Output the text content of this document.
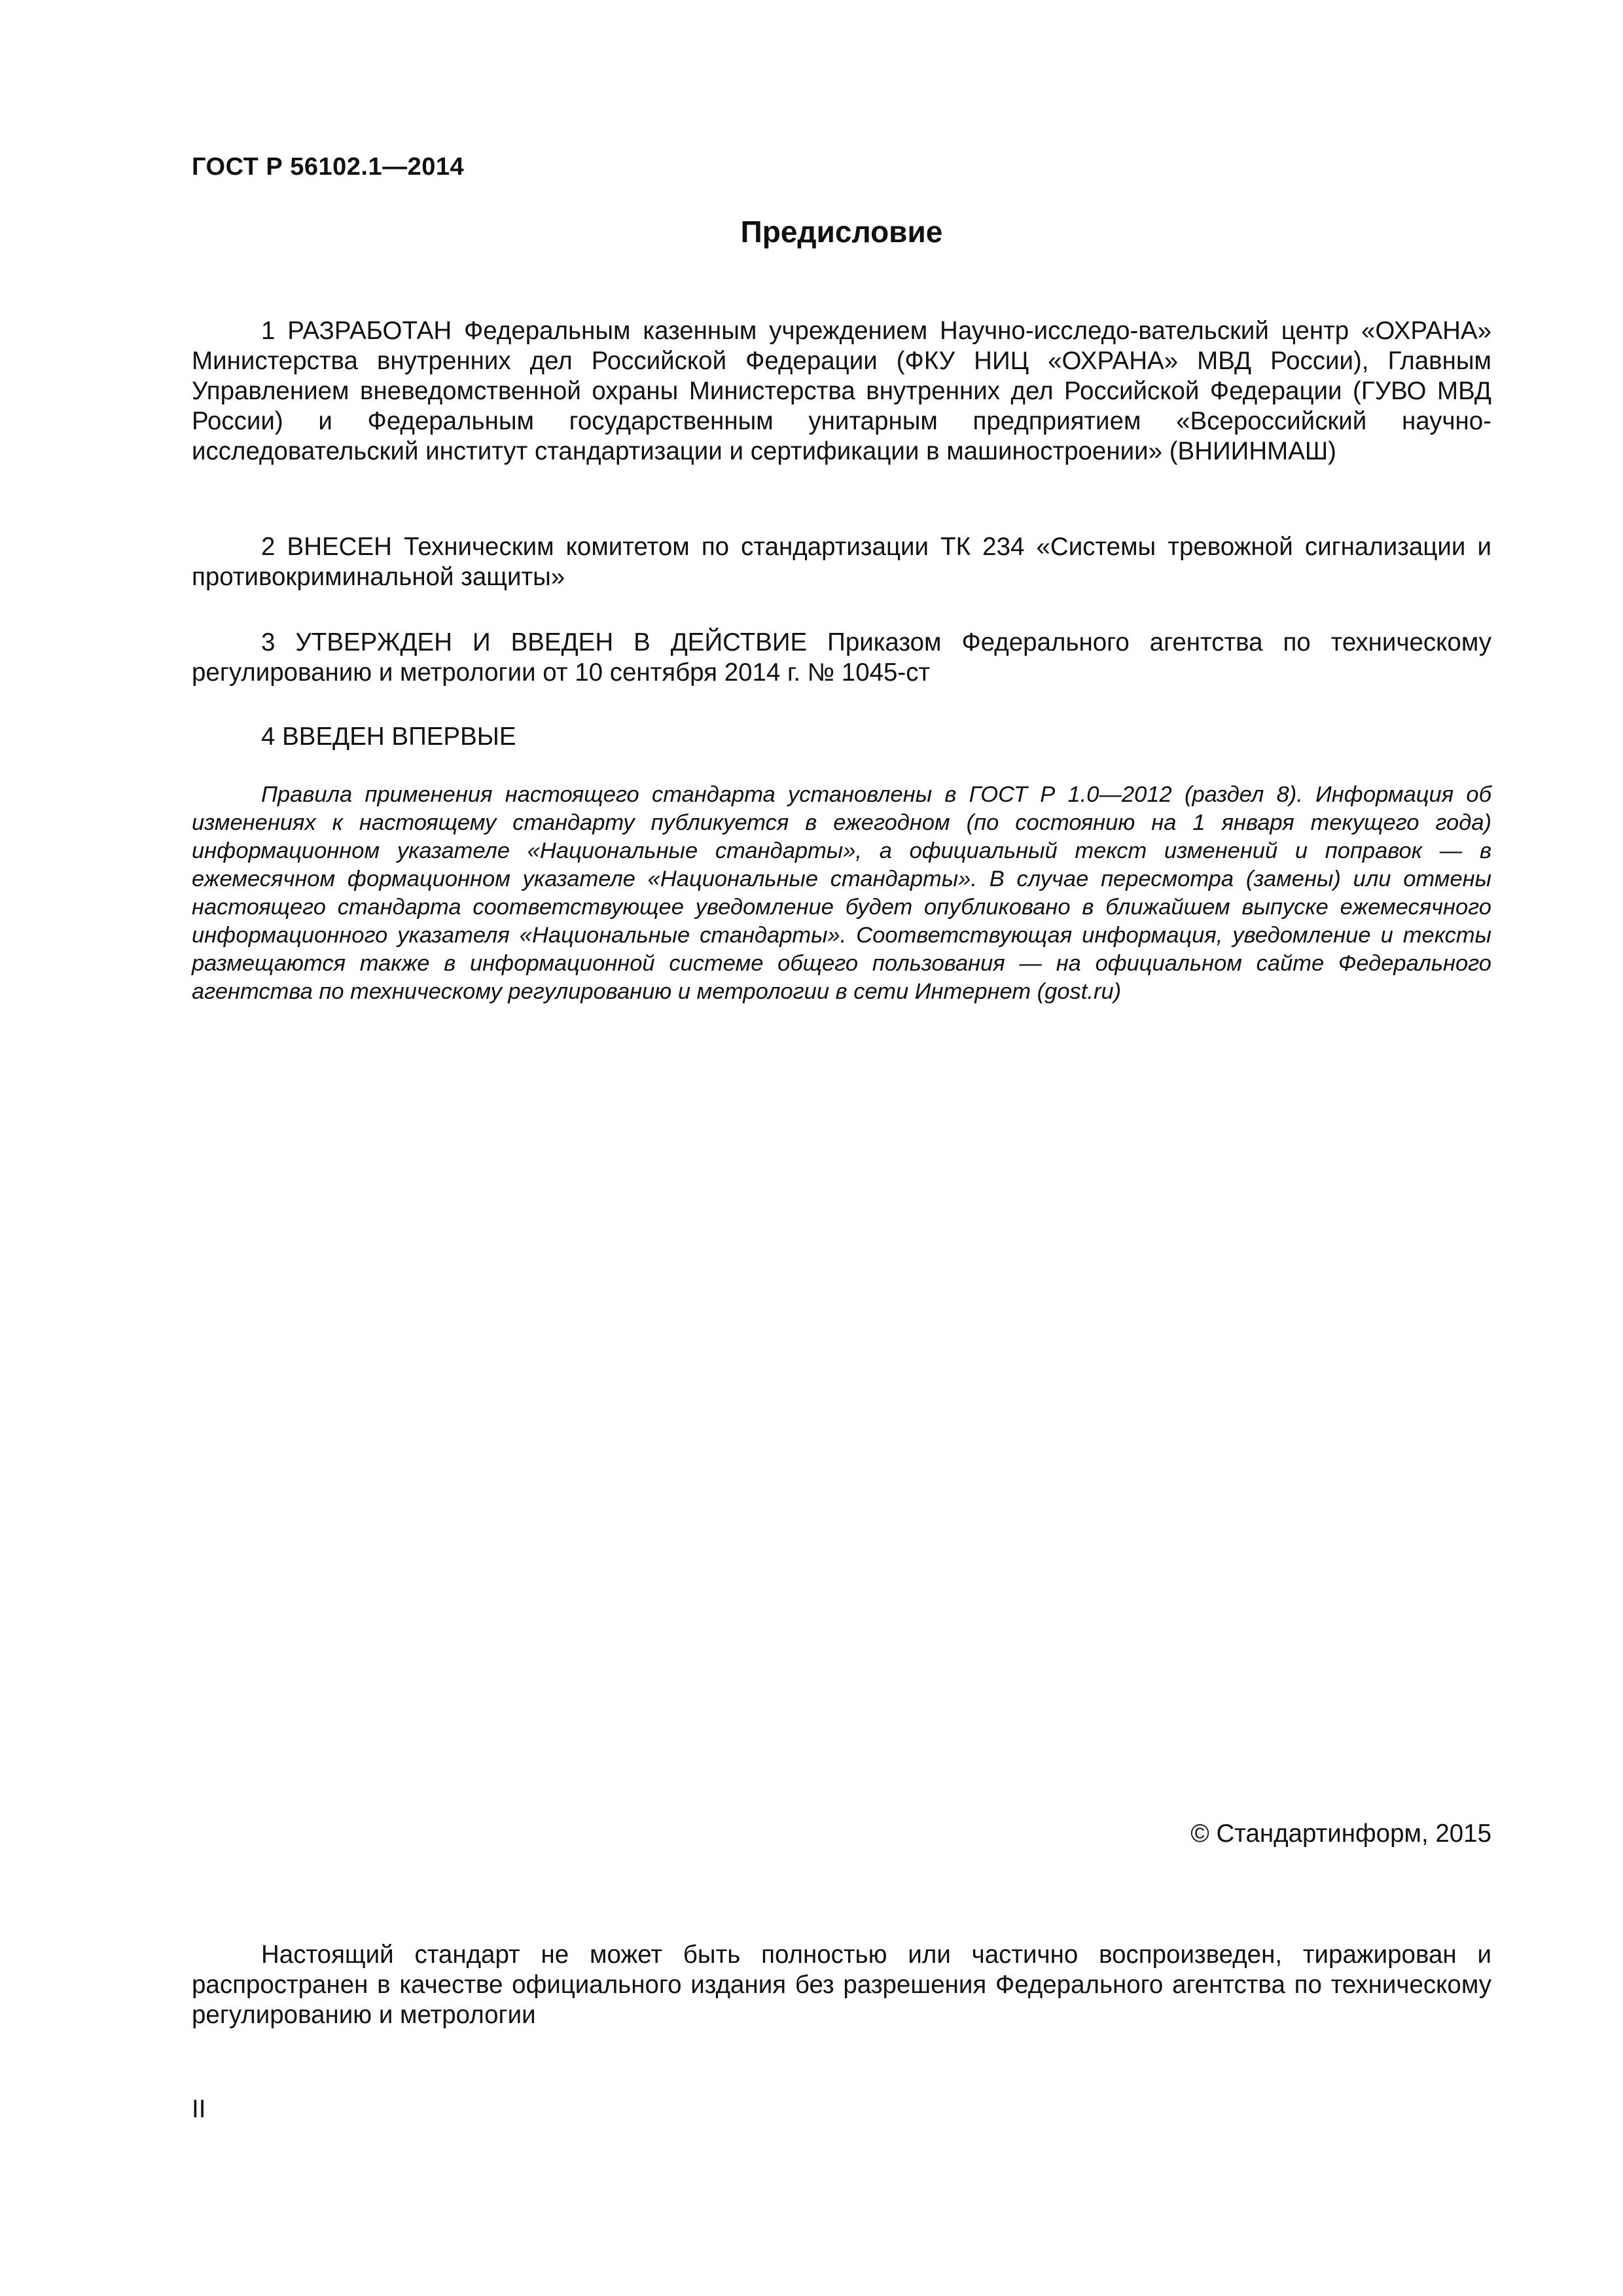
ГОСТ Р 56102.1—2014
Предисловие

1 РАЗРАБОТАН Федеральным казенным учреждением Научно-исследо-вательский центр «ОХРАНА» Министерства внутренних дел Российской Федерации (ФКУ НИЦ «ОХРАНА» МВД России), Главным Управлением вневедомственной охраны Министерства внутренних дел Российской Федерации (ГУВО МВД России) и Федеральным государственным унитарным предприятием «Всероссийский научно-исследовательский институт стандартизации и сертификации в машиностроении» (ВНИИНМАШ)

2 ВНЕСЕН Техническим комитетом по стандартизации ТК 234 «Системы тревожной сигнализации и противокриминальной защиты»

3 УТВЕРЖДЕН И ВВЕДЕН В ДЕЙСТВИЕ Приказом Федерального агентства по техническому регулированию и метрологии от 10 сентября 2014 г. № 1045-ст

4 ВВЕДЕН ВПЕРВЫЕ

Правила применения настоящего стандарта установлены в ГОСТ Р 1.0—2012 (раздел 8). Информация об изменениях к настоящему стандарту публикуется в ежегодном (по состоянию на 1 января текущего года) информационном указателе «Национальные стандарты», а официальный текст изменений и поправок — в ежемесячном формационном указателе «Национальные стандарты». В случае пересмотра (замены) или отмены настоящего стандарта соответствующее уведомление будет опубликовано в ближайшем выпуске ежемесячного информационного указателя «Национальные стандарты». Соответствующая информация, уведомление и тексты размещаются также в информационной системе общего пользования — на официальном сайте Федерального агентства по техническому регулированию и метрологии в сети Интернет (gost.ru)

© Стандартинформ, 2015

Настоящий стандарт не может быть полностью или частично воспроизведен, тиражирован и распространен в качестве официального издания без разрешения Федерального агентства по техническому регулированию и метрологии

II
